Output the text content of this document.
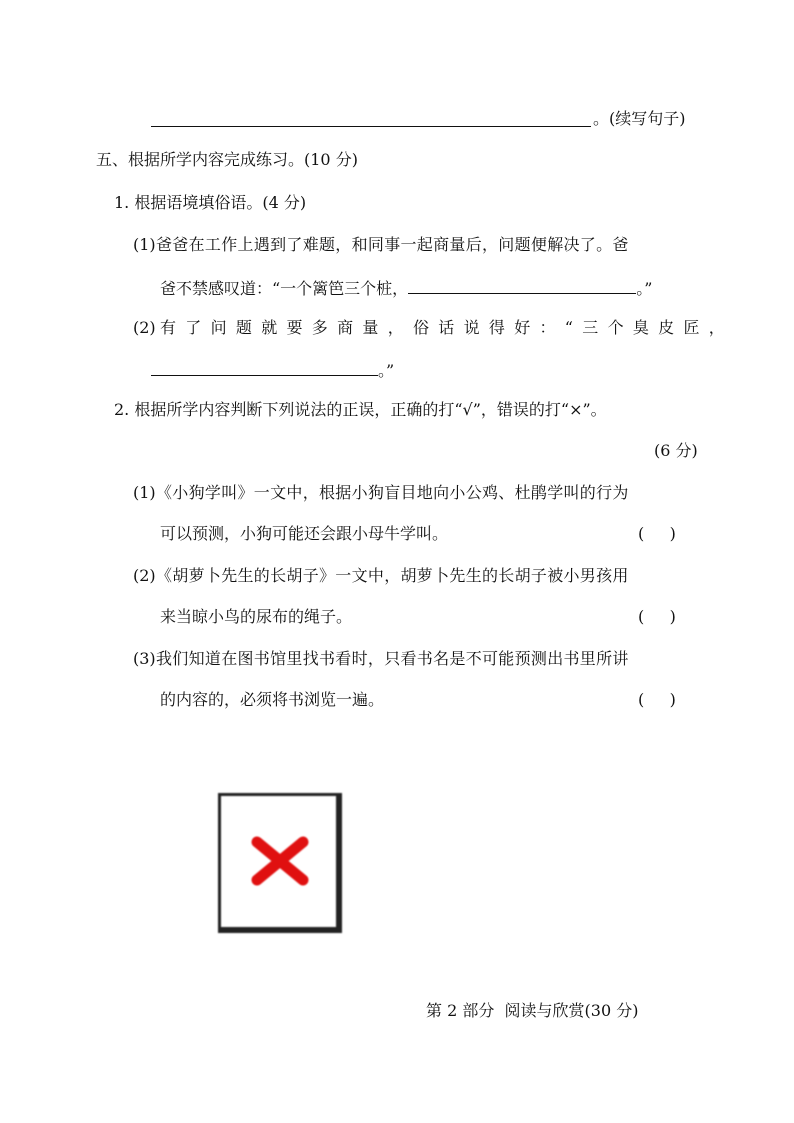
。(续写句子)
五、根据所学内容完成练习。(10 分)
1. 根据语境填俗语。(4 分)
(1) 爸爸在工作上遇到了难题，和同事一起商量后，问题便解决了。爸
爸不禁感叹道：“一个篱笆三个桩，	。”
(2) 有了问题就要多商量，俗话说得好：“三个臭皮匠，
。”
2. 根据所学内容判断下列说法的正误，正确的打“√”，错误的打“×”。
(6 分)
(1) 《小狗学叫》一文中，根据小狗盲目地向小公鸡、杜鹃学叫的行为
可以预测，小狗可能还会跟小母牛学叫。	(     )
(2) 《胡萝卜先生的长胡子》一文中，胡萝卜先生的长胡子被小男孩用
来当晾小鸟的尿布的绳子。	(     )
(3) 我们知道在图书馆里找书看时，只看书名是不可能预测出书里所讲
的内容的，必须将书浏览一遍。	(     )
第 2 部分  阅读与欣赏(30 分)
